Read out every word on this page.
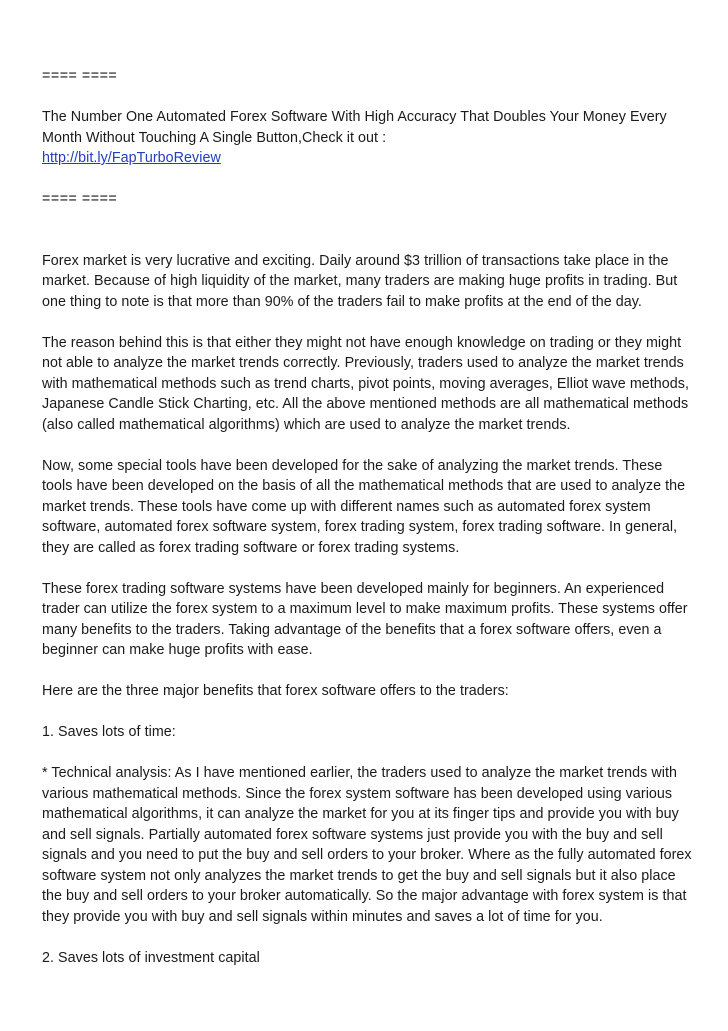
==== ====

The Number One Automated Forex Software With High Accuracy That Doubles Your Money Every Month Without Touching A Single Button,Check it out :
http://bit.ly/FapTurboReview

==== ====

Forex market is very lucrative and exciting. Daily around $3 trillion of transactions take place in the market. Because of high liquidity of the market, many traders are making huge profits in trading. But one thing to note is that more than 90% of the traders fail to make profits at the end of the day.

The reason behind this is that either they might not have enough knowledge on trading or they might not able to analyze the market trends correctly. Previously, traders used to analyze the market trends with mathematical methods such as trend charts, pivot points, moving averages, Elliot wave methods, Japanese Candle Stick Charting, etc. All the above mentioned methods are all mathematical methods (also called mathematical algorithms) which are used to analyze the market trends.

Now, some special tools have been developed for the sake of analyzing the market trends. These tools have been developed on the basis of all the mathematical methods that are used to analyze the market trends. These tools have come up with different names such as automated forex system software, automated forex software system, forex trading system, forex trading software. In general, they are called as forex trading software or forex trading systems.

These forex trading software systems have been developed mainly for beginners. An experienced trader can utilize the forex system to a maximum level to make maximum profits. These systems offer many benefits to the traders. Taking advantage of the benefits that a forex software offers, even a beginner can make huge profits with ease.

Here are the three major benefits that forex software offers to the traders:

1. Saves lots of time:

* Technical analysis: As I have mentioned earlier, the traders used to analyze the market trends with various mathematical methods. Since the forex system software has been developed using various mathematical algorithms, it can analyze the market for you at its finger tips and provide you with buy and sell signals. Partially automated forex software systems just provide you with the buy and sell signals and you need to put the buy and sell orders to your broker. Where as the fully automated forex software system not only analyzes the market trends to get the buy and sell signals but it also place the buy and sell orders to your broker automatically. So the major advantage with forex system is that they provide you with buy and sell signals within minutes and saves a lot of time for you.

2. Saves lots of investment capital
